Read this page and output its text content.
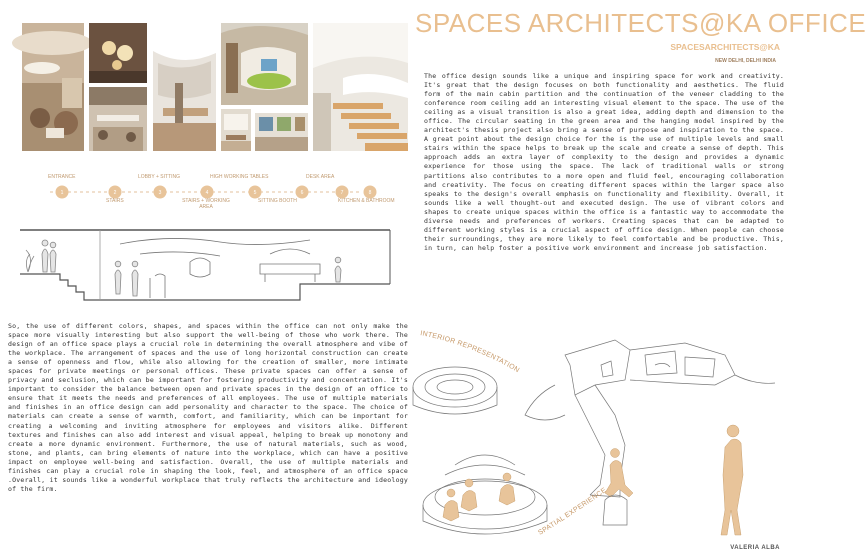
SPACES ARCHITECTS@KA OFFICE
SPACESARCHITECTS@KA
NEW DELHI, DELHI INDIA
1	2	3	4	5	6	7	8
ENTRANCE
STAIRS
LOBBY + SITTING
STAIRS + WORKING AREA
HIGH WORKING TABLES
SITTING BOOTH
DESK AREA
KITCHEN & BATHROOM
The office design sounds like a unique and inspiring space for work and creativity. It's great that the design focuses on both functionality and aesthetics. The fluid form of the main cabin partition and the continuation of the veneer cladding to the conference room ceiling add an interesting visual element to the space. The use of the ceiling as a visual transition is also a great idea, adding depth and dimension to the office. The circular seating in the green area and the hanging model inspired by the architect's thesis project also bring a sense of purpose and inspiration to the space. A great point about the design choice for the is the use of multiple levels and small stairs within the space helps to break up the scale and create a sense of depth. This approach adds an extra layer of complexity to the design and provides a dynamic experience for those using the space. The lack of traditional walls or strong partitions also contributes to a more open and fluid feel, encouraging collaboration and creativity. The focus on creating different spaces within the larger space also speaks to the design's overall emphasis on functionality and flexibility. Overall, it sounds like a well thought-out and executed design. The use of vibrant colors and shapes to create unique spaces within the office is a fantastic way to accommodate the diverse needs and preferences of workers. Creating spaces that can be adapted to different working styles is a crucial aspect of office design. When people can choose their surroundings, they are more likely to feel comfortable and be productive. This, in turn, can help foster a positive work environment and increase job satisfaction.
So, the use of different colors, shapes, and spaces within the office can not only make the space more visually interesting but also support the well-being of those who work there. The design of an office space plays a crucial role in determining the overall atmosphere and vibe of the workplace. The arrangement of spaces and the use of long horizontal construction can create a sense of openness and flow, while also allowing for the creation of smaller, more intimate spaces for private meetings or personal offices. These private spaces can offer a sense of privacy and seclusion, which can be important for fostering productivity and concentration. It's important to consider the balance between open and private spaces in the design of an office to ensure that it meets the needs and preferences of all employees. The use of multiple materials and finishes in an office design can add personality and character to the space. The choice of materials can create a sense of warmth, comfort, and familiarity, which can be important for creating a welcoming and inviting atmosphere for employees and visitors alike. Different textures and finishes can also add interest and visual appeal, helping to break up monotony and create a more dynamic environment. Furthermore, the use of natural materials, such as wood, stone, and plants, can bring elements of nature into the workplace, which can have a positive impact on employee well-being and satisfaction. Overall, the use of multiple materials and finishes can play a crucial role in shaping the look, feel, and atmosphere of an office space .Overall, it sounds like a wonderful workplace that truly reflects the architecture and ideology of the firm.
INTERIOR REPRESENTATION
SPATIAL EXPERIENCE
VALERIA ALBA
